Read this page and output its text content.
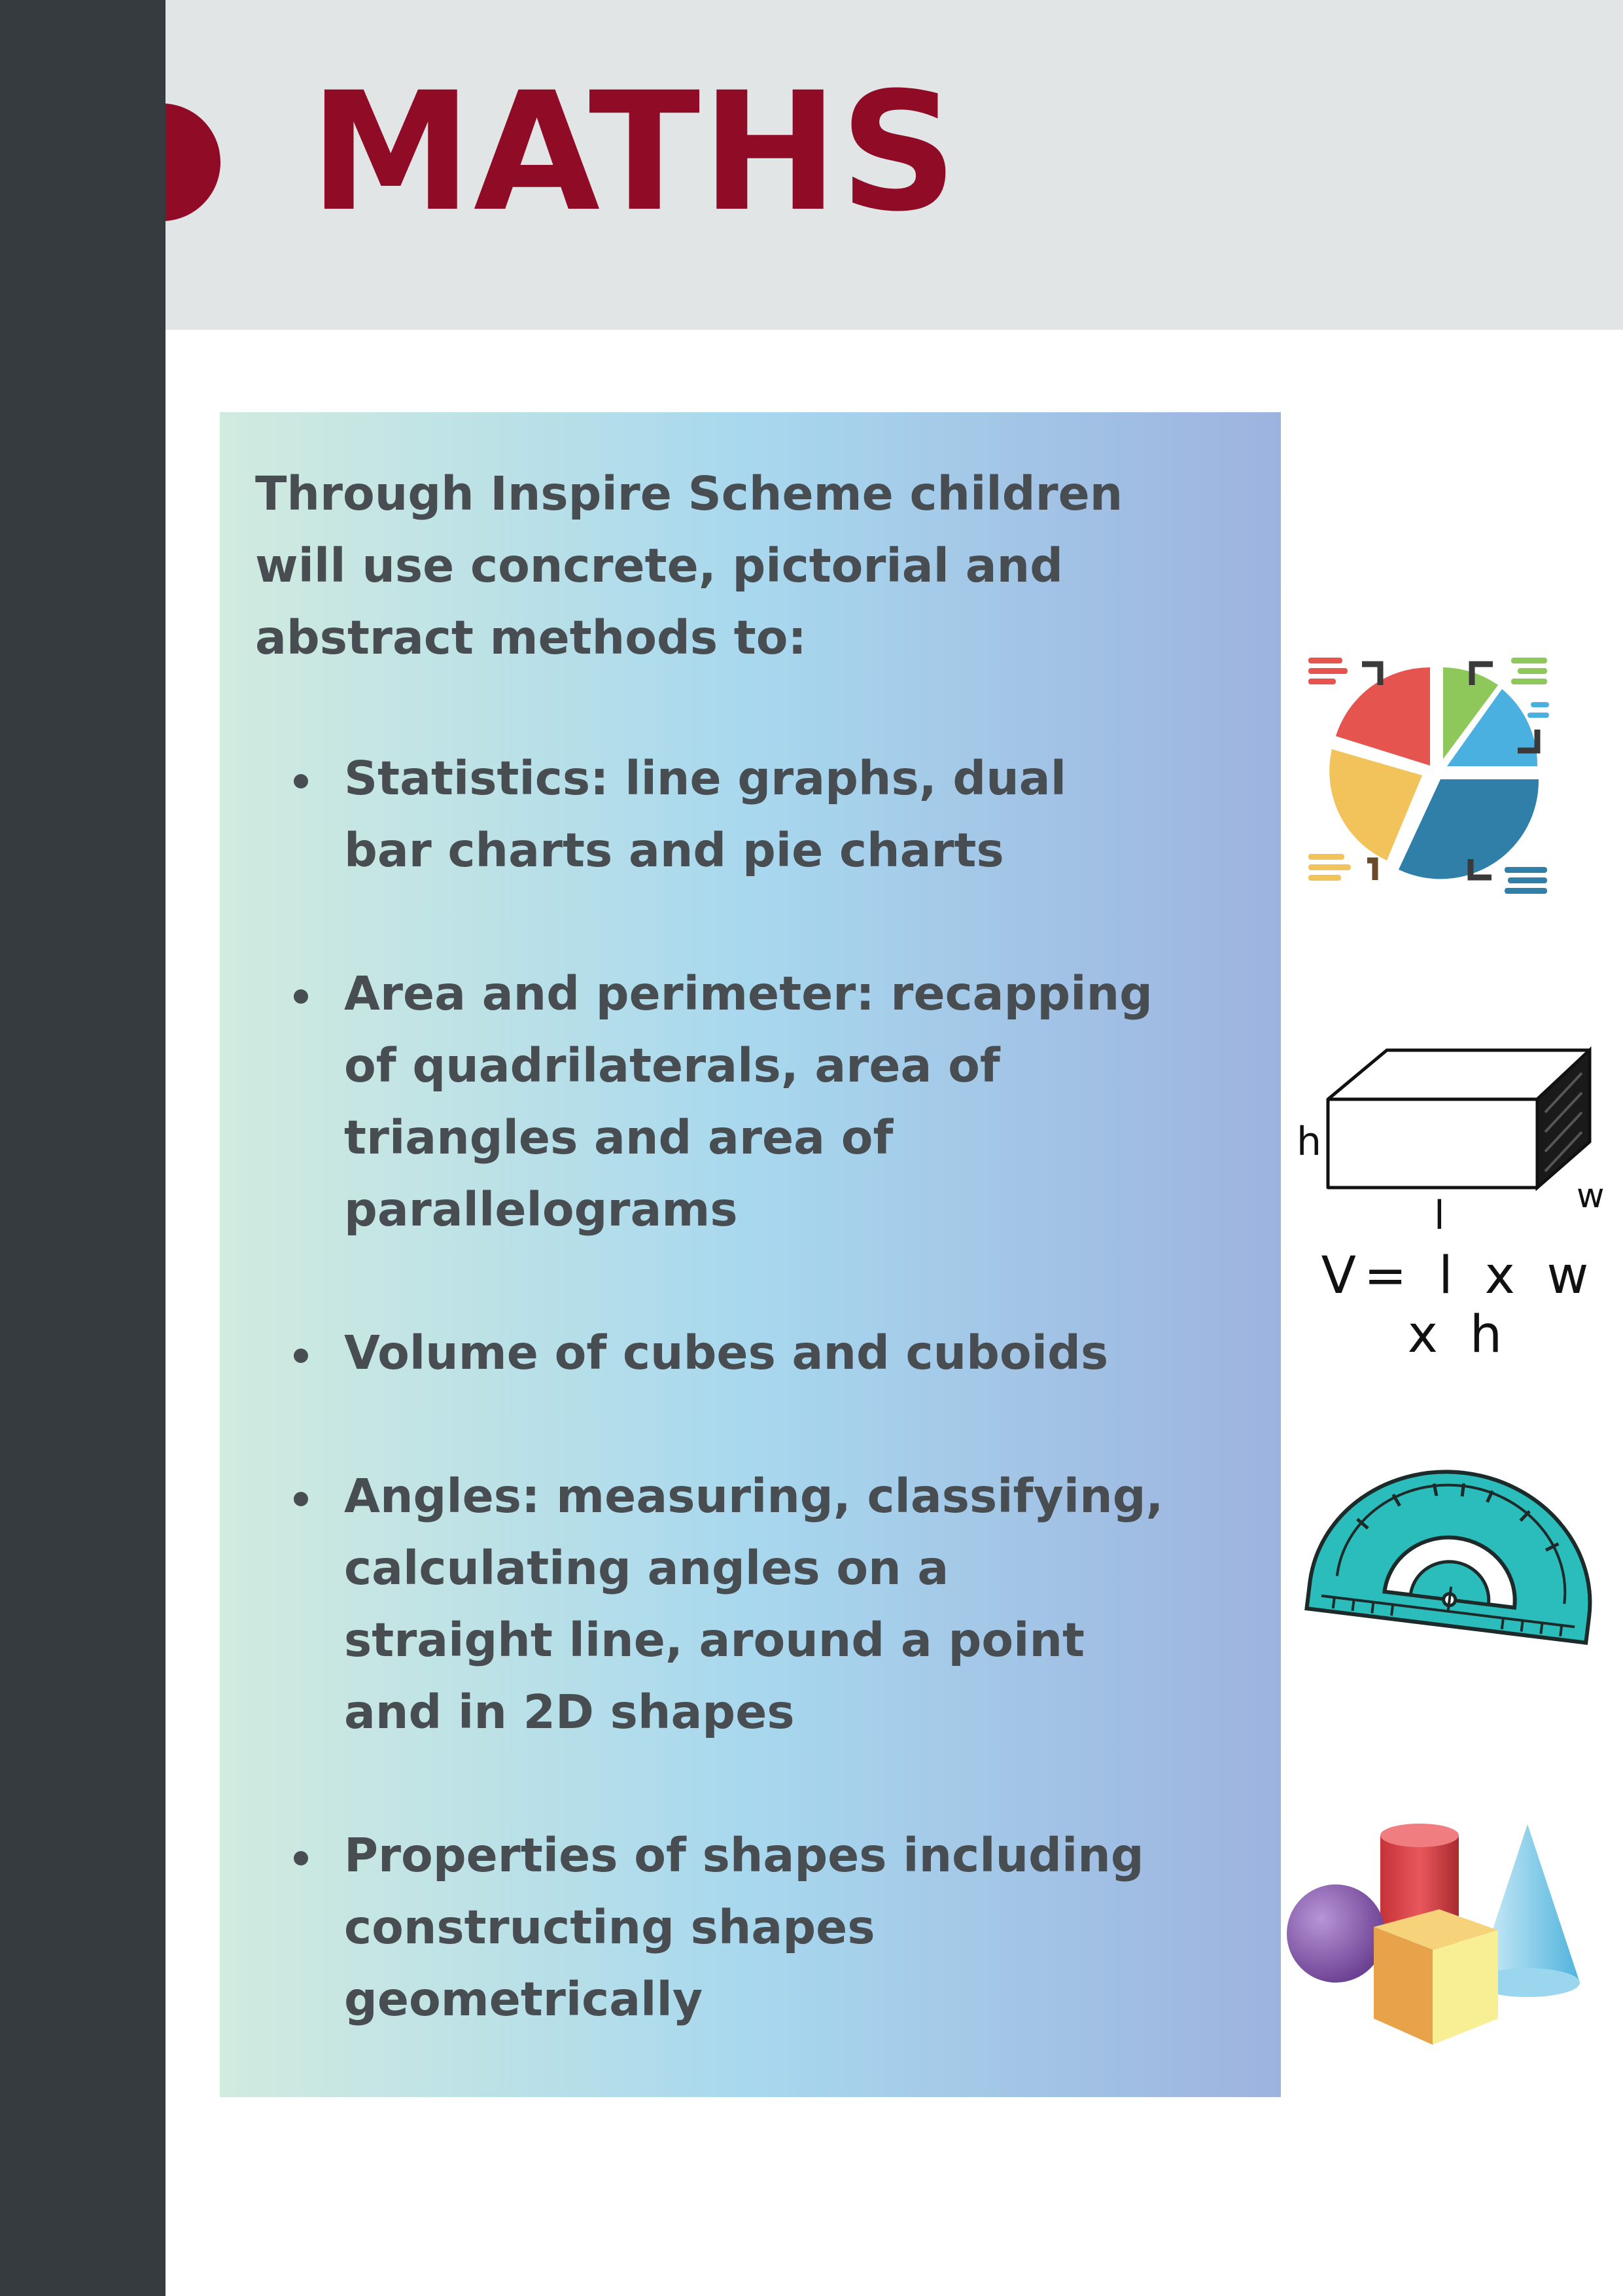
MATHS

Through Inspire Scheme children will use concrete, pictorial and abstract methods to:

Statistics: line graphs, dual bar charts and pie charts
Area and perimeter: recapping of quadrilaterals, area of triangles and area of parallelograms
Volume of cubes and cuboids
Angles: measuring, classifying, calculating angles on a straight line, around a point and in 2D shapes
Properties of shapes including constructing shapes geometrically
h
l	w
V= l x w x h
